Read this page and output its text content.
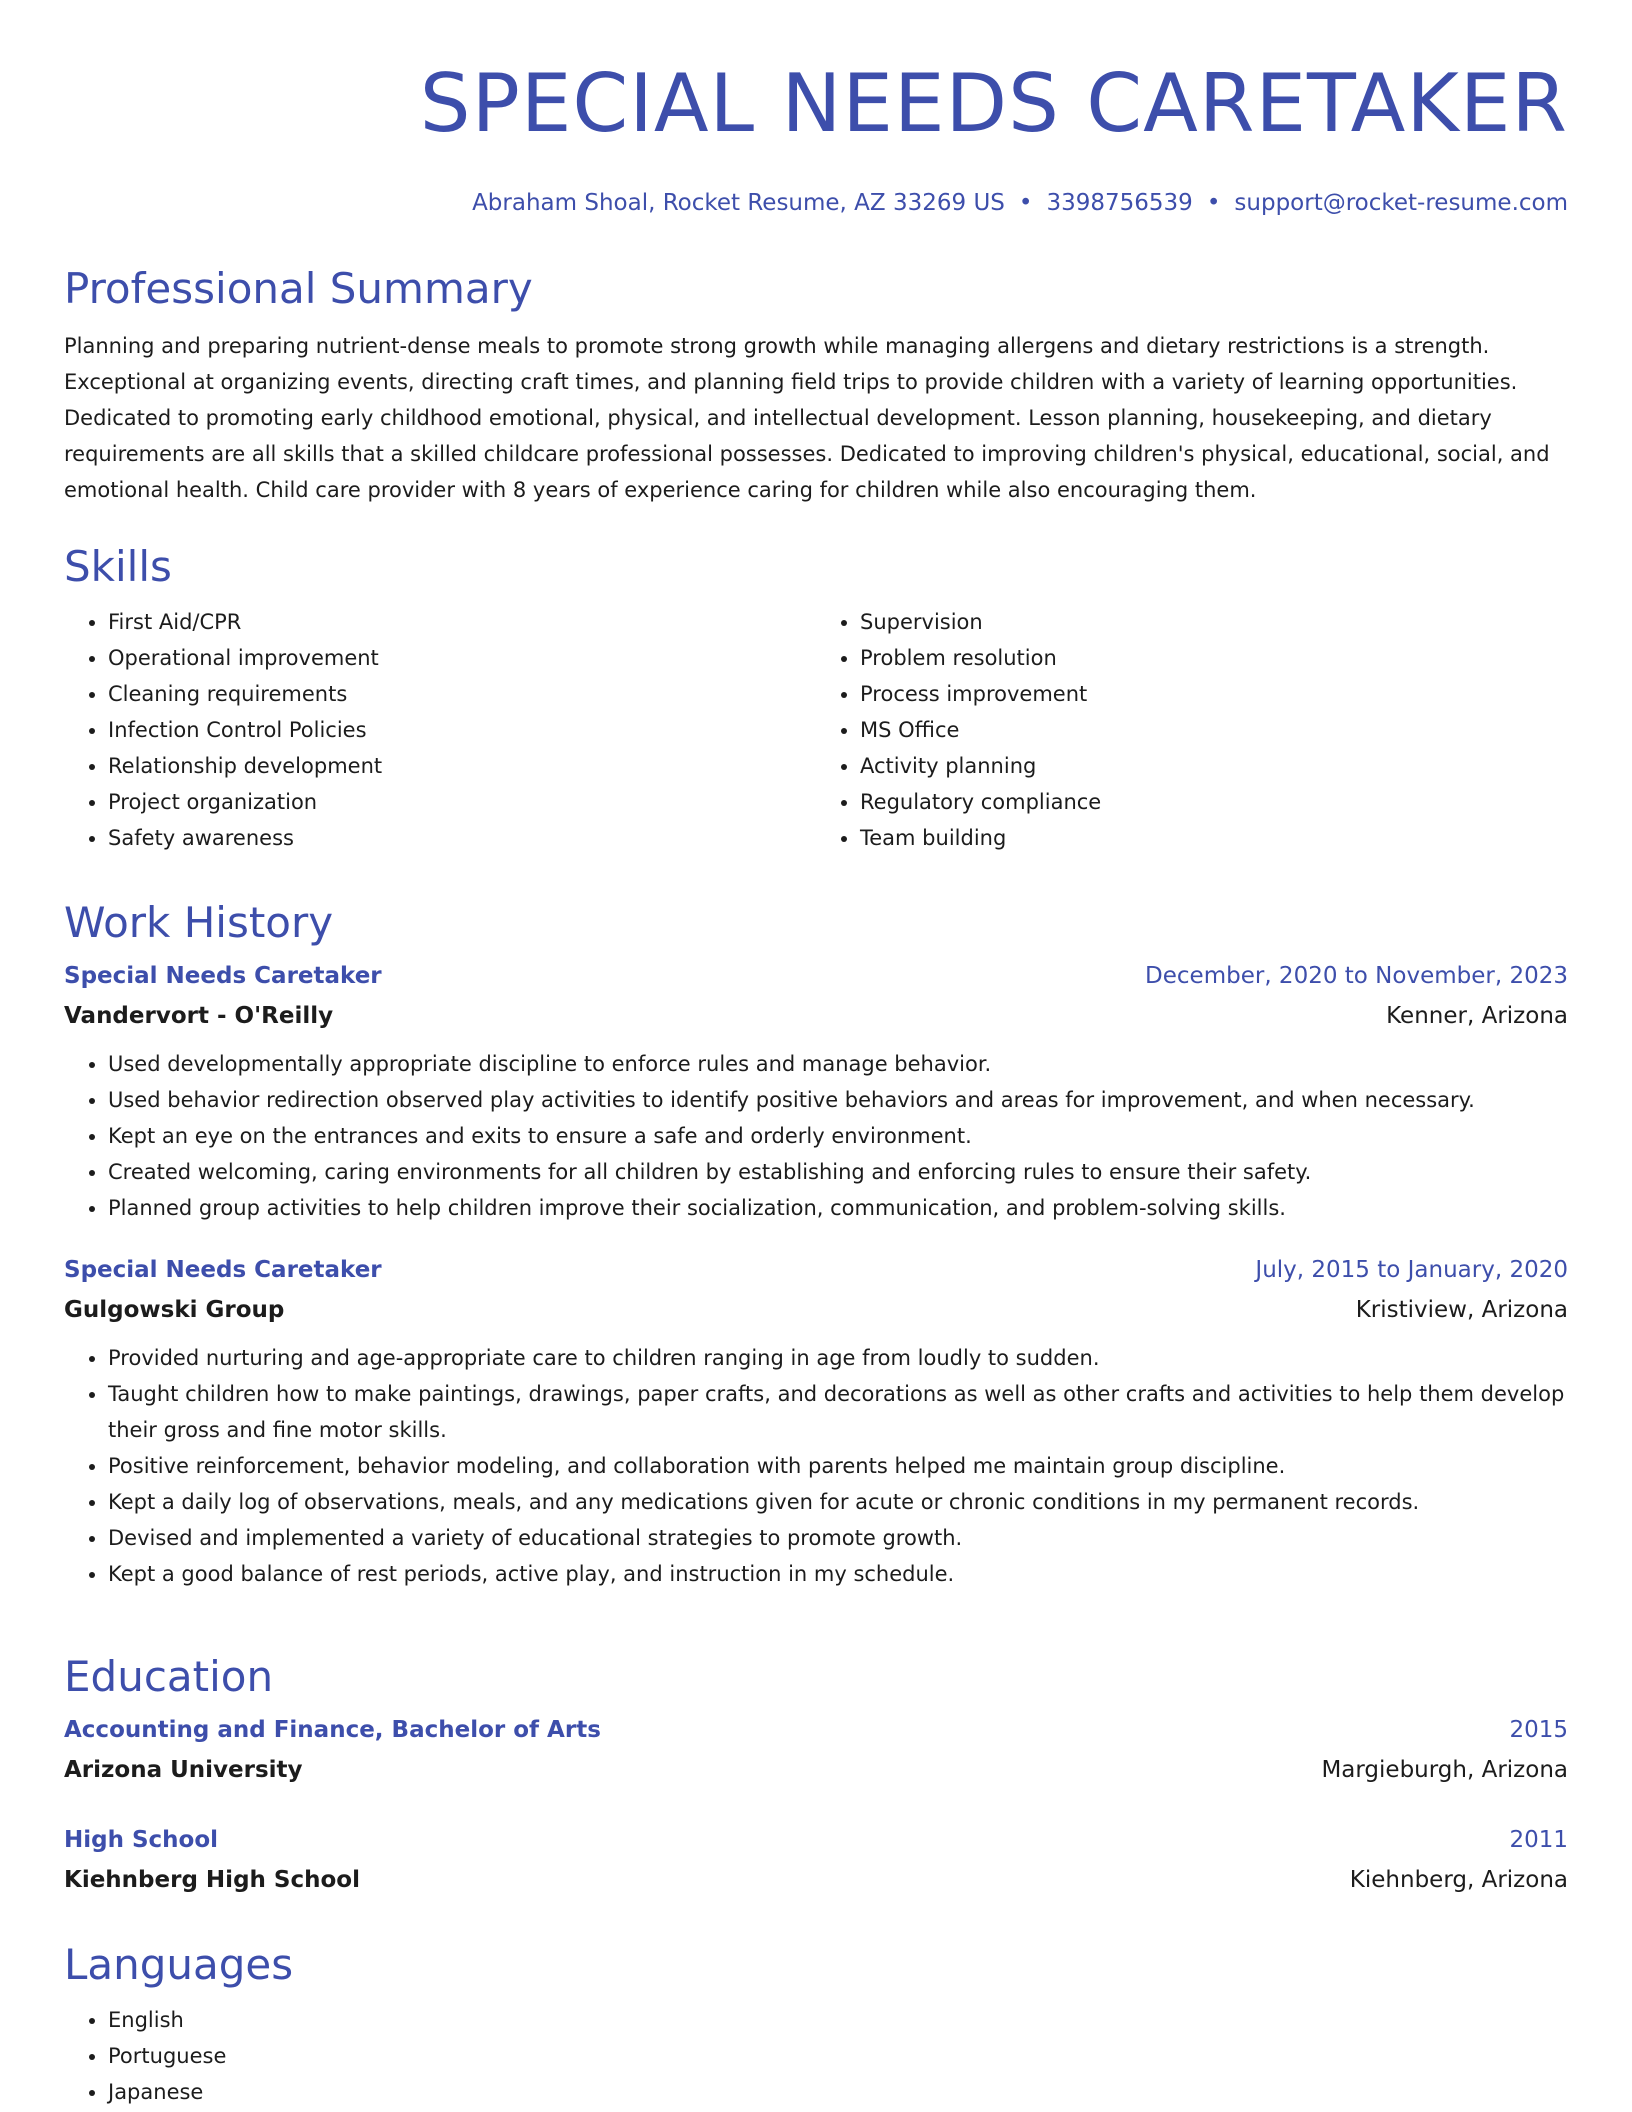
SPECIAL NEEDS CARETAKER
Abraham Shoal, Rocket Resume, AZ 33269 US • 3398756539 • support@rocket-resume.com
Professional Summary
Planning and preparing nutrient-dense meals to promote strong growth while managing allergens and dietary restrictions is a strength. Exceptional at organizing events, directing craft times, and planning field trips to provide children with a variety of learning opportunities. Dedicated to promoting early childhood emotional, physical, and intellectual development. Lesson planning, housekeeping, and dietary requirements are all skills that a skilled childcare professional possesses. Dedicated to improving children's physical, educational, social, and emotional health. Child care provider with 8 years of experience caring for children while also encouraging them.
Skills
• First Aid/CPR
• Operational improvement
• Cleaning requirements
• Infection Control Policies
• Relationship development
• Project organization
• Safety awareness
• Supervision
• Problem resolution
• Process improvement
• MS Office
• Activity planning
• Regulatory compliance
• Team building
Work History
Special Needs Caretaker	December, 2020 to November, 2023
Vandervort - O'Reilly	Kenner, Arizona
• Used developmentally appropriate discipline to enforce rules and manage behavior.
• Used behavior redirection observed play activities to identify positive behaviors and areas for improvement, and when necessary.
• Kept an eye on the entrances and exits to ensure a safe and orderly environment.
• Created welcoming, caring environments for all children by establishing and enforcing rules to ensure their safety.
• Planned group activities to help children improve their socialization, communication, and problem-solving skills.
Special Needs Caretaker	July, 2015 to January, 2020
Gulgowski Group	Kristiview, Arizona
• Provided nurturing and age-appropriate care to children ranging in age from loudly to sudden.
• Taught children how to make paintings, drawings, paper crafts, and decorations as well as other crafts and activities to help them develop their gross and fine motor skills.
• Positive reinforcement, behavior modeling, and collaboration with parents helped me maintain group discipline.
• Kept a daily log of observations, meals, and any medications given for acute or chronic conditions in my permanent records.
• Devised and implemented a variety of educational strategies to promote growth.
• Kept a good balance of rest periods, active play, and instruction in my schedule.
Education
Accounting and Finance, Bachelor of Arts	2015
Arizona University	Margieburgh, Arizona
High School	2011
Kiehnberg High School	Kiehnberg, Arizona
Languages
• English
• Portuguese
• Japanese
